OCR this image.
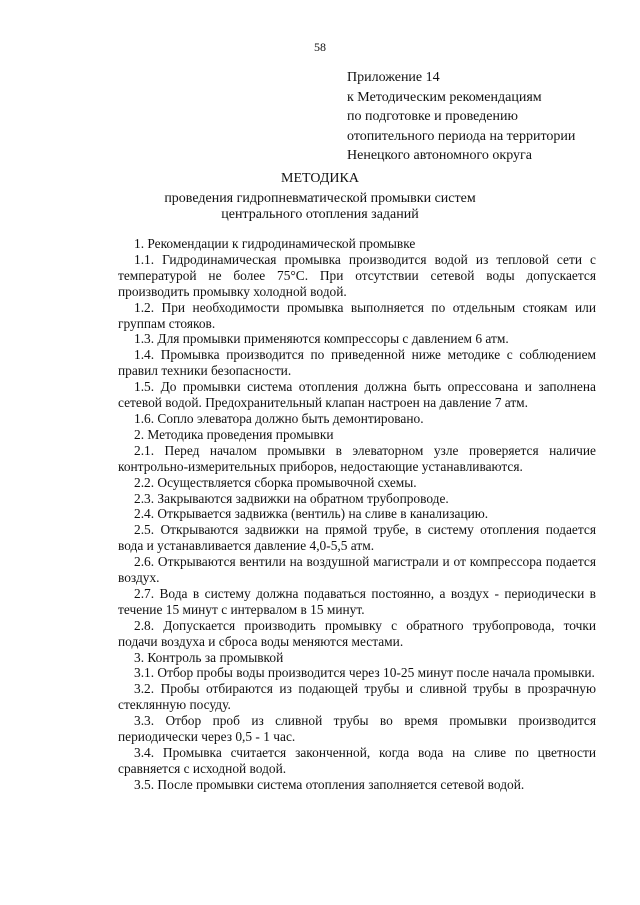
58
Приложение 14
к Методическим рекомендациям
по подготовке и проведению
отопительного периода на территории
Ненецкого автономного округа
МЕТОДИКА
проведения гидропневматической промывки систем
центрального отопления заданий

1. Рекомендации к гидродинамической промывке

1.1. Гидродинамическая промывка производится водой из тепловой сети с температурой не более 75°С. При отсутствии сетевой воды допускается производить промывку холодной водой.

1.2. При необходимости промывка выполняется по отдельным стоякам или группам стояков.

1.3. Для промывки применяются компрессоры с давлением 6 атм.

1.4. Промывка производится по приведенной ниже методике с соблюдением правил техники безопасности.

1.5. До промывки система отопления должна быть опрессована и заполнена сетевой водой. Предохранительный клапан настроен на давление 7 атм.

1.6. Сопло элеватора должно быть демонтировано.

2. Методика проведения промывки

2.1. Перед началом промывки в элеваторном узле проверяется наличие контрольно-измерительных приборов, недостающие устанавливаются.

2.2. Осуществляется сборка промывочной схемы.

2.3. Закрываются задвижки на обратном трубопроводе.

2.4. Открывается задвижка (вентиль) на сливе в канализацию.

2.5. Открываются задвижки на прямой трубе, в систему отопления подается вода и устанавливается давление 4,0-5,5 атм.

2.6. Открываются вентили на воздушной магистрали и от компрессора подается воздух.

2.7. Вода в систему должна подаваться постоянно, а воздух - периодически в течение 15 минут с интервалом в 15 минут.

2.8. Допускается производить промывку с обратного трубопровода, точки подачи воздуха и сброса воды меняются местами.

3. Контроль за промывкой

3.1. Отбор пробы воды производится через 10-25 минут после начала промывки.

3.2. Пробы отбираются из подающей трубы и сливной трубы в прозрачную стеклянную посуду.

3.3. Отбор проб из сливной трубы во время промывки производится периодически через 0,5 - 1 час.

3.4. Промывка считается законченной, когда вода на сливе по цветности сравняется с исходной водой.

3.5. После промывки система отопления заполняется сетевой водой.
